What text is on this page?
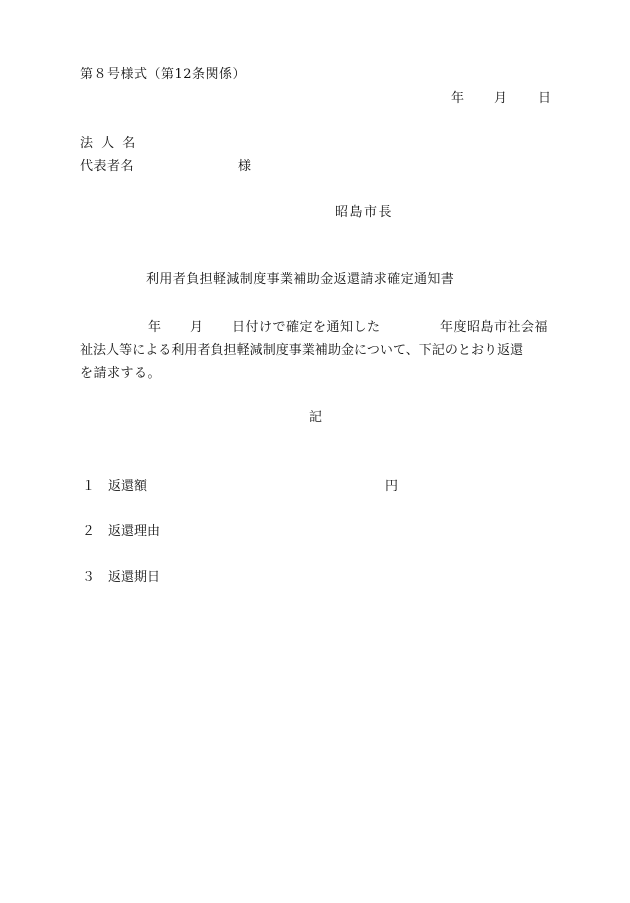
第８号様式（第12条関係）
年 月 日
法 人 名
代表者名	様
昭島市長
利用者負担軽減制度事業補助金返還請求確定通知書
年 月 日付けで確定を通知した	年度昭島市社会福
祉法人等による利用者負担軽減制度事業補助金について、下記のとおり返還
を請求する。
記
１ 返還額	円
２ 返還理由
３ 返還期日
